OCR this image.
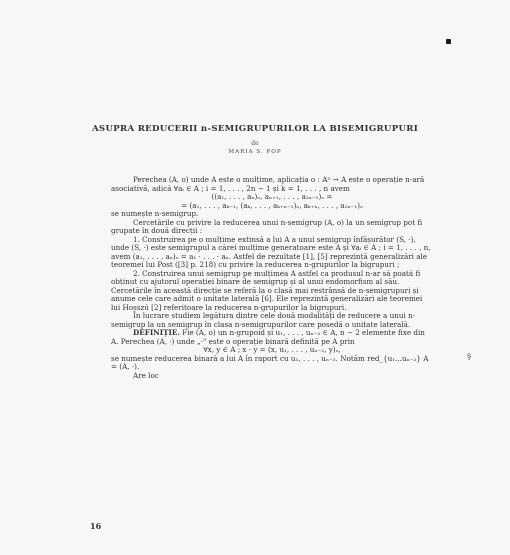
ASUPRA REDUCERII n-SEMIGRUPURILOR LA BISEMIGRUPURI
de
MARIA S. POP

Perechea (A, o) unde A este o mulțime, aplicația o : Aⁿ → A este o operație n-ară asociativă, adică ∀aᵢ ∈ A ; i = 1, . . . , 2n − 1 și k = 1, . . . , n avem

((a₁, . . . , aₙ)ₒ, aₙ₊₁, . . . , a₂ₙ₋₁)ₒ =

= (a₁, . . . , aₖ₋₁, (aₖ, . . . , aₖ₊ₙ₋₁)ₒ, aₖ₊ₙ, . . . , a₂ₙ₋₁)ₒ

se numește n-semigrup.

Cercetările cu privire la reducerea unui n-semigrup (A, o) la un semigrup pot fi grupate în două direcții :

1. Construirea pe o mulțime extinsă a lui A a unui semigrup înfășurător (S, ·), unde (S, ·) este semigrupul a cărei mulțime generatoare este A și ∀aᵢ ∈ A ; i = 1, . . . , n, avem (a₁, . . . , aₙ)ₒ = a₁ · . . . · aₙ. Astfel de rezultate [1], [5] reprezintă generalizări ale teoremei lui Post ([3] p. 218) cu privire la reducerea n-grupurilor la bigrupuri ;

2. Construirea unui semigrup pe mulțimea A astfel ca produsul n-ar să poată fi obținut cu ajutorul operației binare de semigrup și al unui endomorfism al său. Cercetările în această direcție se referă la o clasă mai restrânsă de n-semigrupuri și anume cele care admit o unitate laterală [6]. Ele reprezintă generalizări ale teoremei lui Hosszú [2] referitoare la reducerea n-grupurilor la bigrupuri.

În lucrare studiem legătura dintre cele două modalități de reducere a unui n-semigrup la un semigrup în clasa n-semigrupurilor care posedă o unitate laterală.

DEFINIȚIE. Fie (A, o) un n-grupoid și u₁, . . . , uₙ₋₂ ∈ A, n − 2 elemente fixe din A. Perechea (A, ·) unde „·" este o operație binară definită pe A prin

∀x, y ∈ A ; x · y = (x, u₁, . . . , uₙ₋₂, y)ₒ,

se numește reducerea binară a lui A în raport cu u₁, . . . , uₙ₋₂. Notăm red_{u₁...uₙ₋₂} A = (A, ·).

Are loc

ş
16
